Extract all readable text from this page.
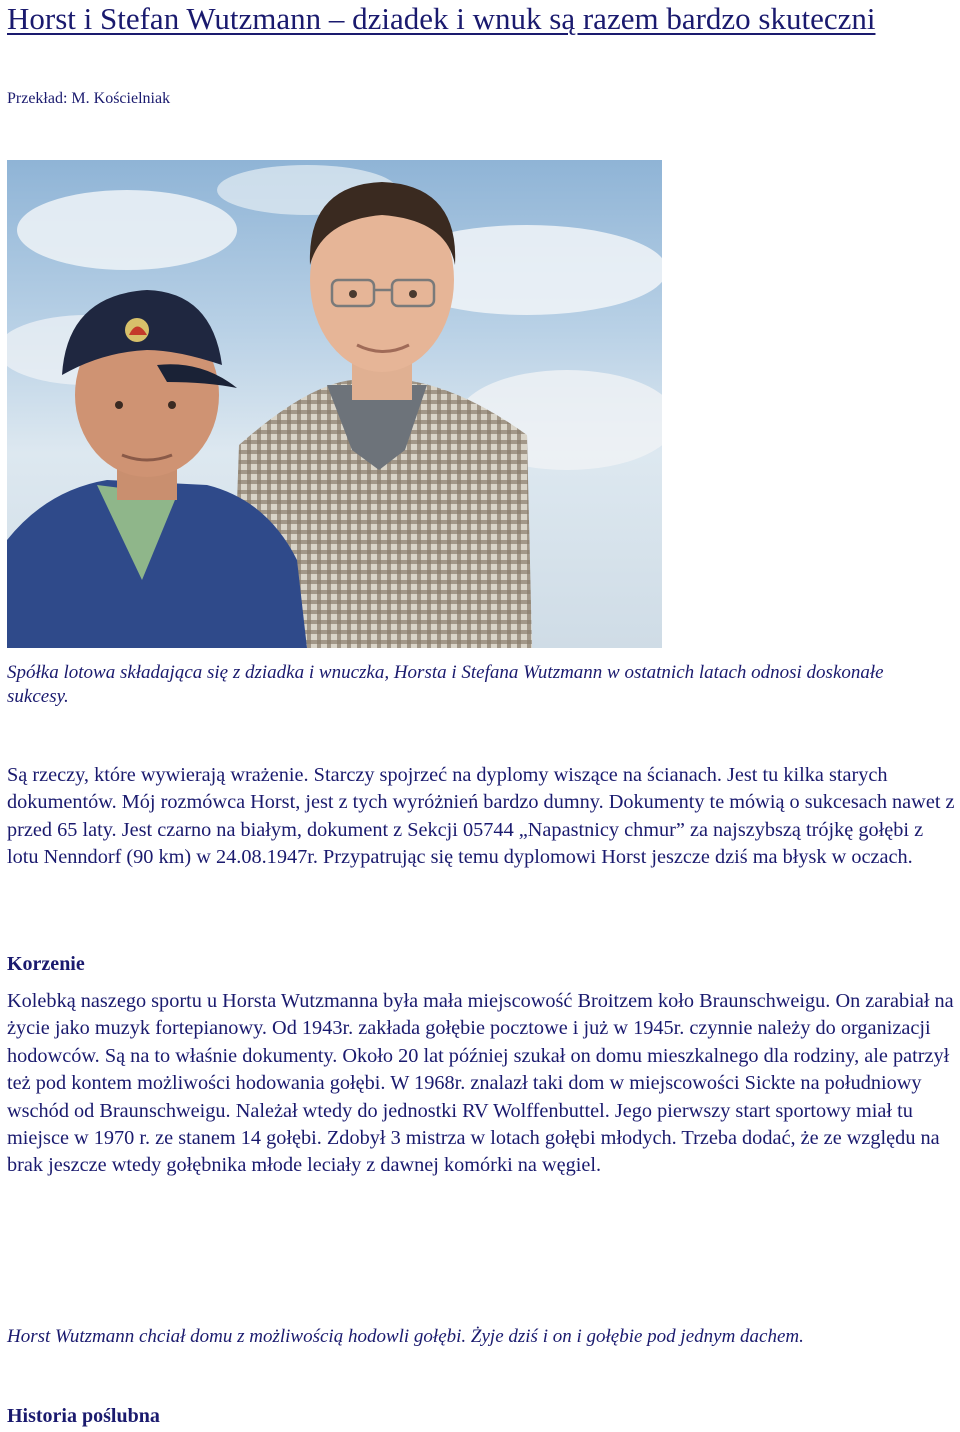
Horst i Stefan Wutzmann – dziadek i wnuk są razem bardzo skuteczni
Przekład: M. Kościelniak

Spółka lotowa składająca się z dziadka i wnuczka, Horsta i Stefana Wutzmann w ostatnich latach odnosi doskonałe sukcesy.

Są rzeczy, które wywierają wrażenie. Starczy spojrzeć na dyplomy wiszące na ścianach. Jest tu kilka starych dokumentów. Mój rozmówca Horst, jest z tych wyróżnień bardzo dumny. Dokumenty te mówią o sukcesach nawet z przed 65 laty. Jest czarno na białym, dokument z Sekcji 05744 „Napastnicy chmur” za najszybszą trójkę gołębi z lotu Nenndorf (90 km) w 24.08.1947r. Przypatrując się temu dyplomowi Horst jeszcze dziś ma błysk w oczach.

Korzenie

Kolebką naszego sportu u Horsta Wutzmanna była mała miejscowość Broitzem koło Braunschweigu. On zarabiał na życie jako muzyk fortepianowy. Od 1943r. zakłada gołębie pocztowe i już w 1945r. czynnie należy do organizacji hodowców. Są na to właśnie dokumenty. Około 20 lat później szukał on domu mieszkalnego dla rodziny, ale patrzył też pod kontem możliwości hodowania gołębi. W 1968r. znalazł taki dom w miejscowości Sickte na południowy wschód od Braunschweigu. Należał wtedy do jednostki RV Wolffenbuttel. Jego pierwszy start sportowy miał tu miejsce w 1970 r. ze stanem 14 gołębi. Zdobył 3 mistrza w lotach gołębi młodych. Trzeba dodać, że ze względu na brak jeszcze wtedy gołębnika młode leciały z dawnej komórki na węgiel.

Horst Wutzmann chciał domu z możliwością hodowli gołębi. Żyje dziś i on i gołębie pod jednym dachem.

Historia poślubna
